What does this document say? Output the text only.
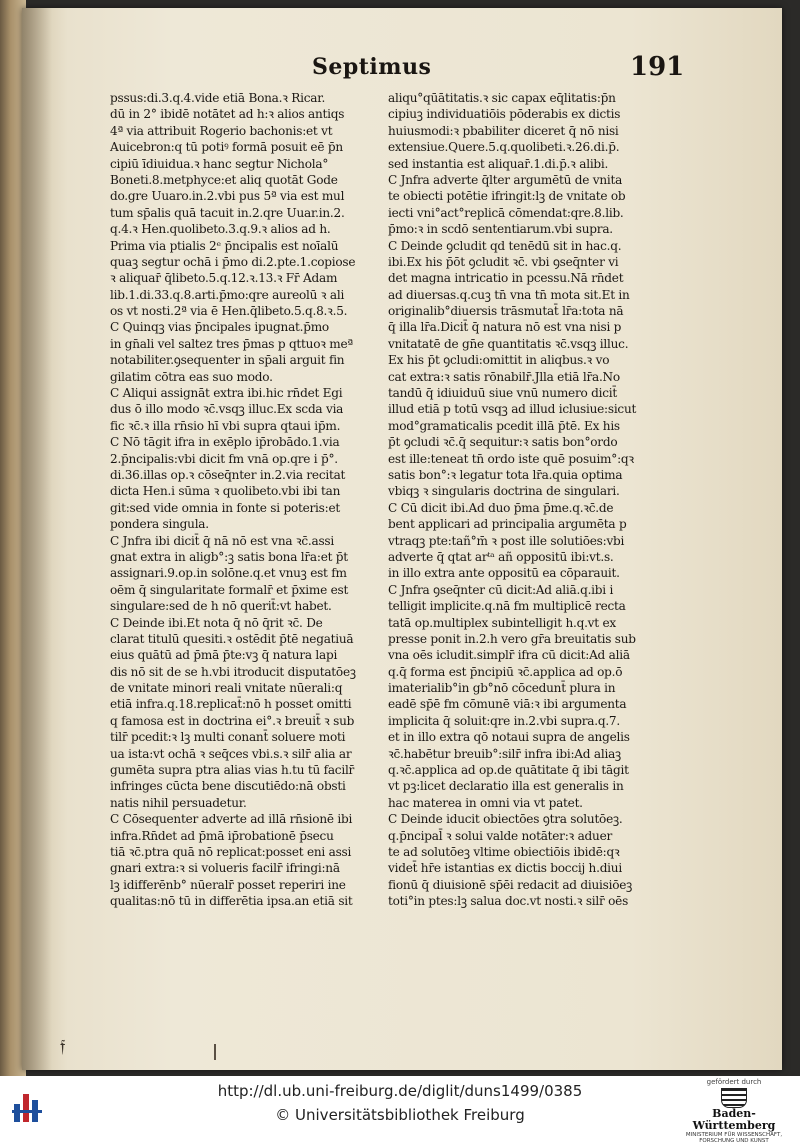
Septimus	191
pssus:di.3.q.4.vide etiā Bona.ꝛ Ricar.
dū in 2° ibidē notātet ad h:ꝛ alios antiqs
4ª via attribuit Rogerio bachonis:et vt
Auicebron:q tū potiꝰ formā posuit eē p̄n
cipiū īdiuidua.ꝛ hanc segtur Nichola°
Boneti.8.metphyce:et aliq quotāt Gode
do.gre Uuaro.in.2.vbi pus 5ª via est mul
tum sp̄alis quā tacuit in.2.qre Uuar.in.2.
q.4.ꝛ Hen.quolibeto.3.q.9.ꝛ alios ad h.
Prima via ptialis 2ᵉ p̄ncipalis est noīalū
quaꝫ segtur ochā i p̄mo di.2.pte.1.copiose
ꝛ aliquar̄ q̄libeto.5.q.12.ꝛ.13.ꝛ Fr̄ Adam
lib.1.di.33.q.8.arti.p̄mo:qre aureolū ꝛ ali
os vt nosti.2ª via ē Hen.q̄libeto.5.q.8.ꝛ.5.
C Quinqꝫ vias p̄ncipales ipugnat.p̄mo
in gn̄ali vel saltez tres p̄mas p qttuoꝛ meª
notabiliter.ꝯsequenter in sp̄ali arguit fin
gilatim cōtra eas suo modo.
C Aliqui assignāt extra ibi.hic rn̄det Egi
dus ō illo modo ꝛc̄.vsqꝫ illuc.Ex scda via
fic ꝛc̄.ꝛ illa rn̄sio hī vbi supra qtaui ip̄m.
C Nō tāgit ifra in exēplo ip̄robādo.1.via
2.p̄ncipalis:vbi dicit fm vnā op.qre i p̄°.
di.36.illas op.ꝛ cōseq̄nter in.2.via recitat
dicta Hen.i sūma ꝛ quolibeto.vbi ibi tan
git:sed vide omnia in fonte si poteris:et
pondera singula.
C Jnfra ibi dicit̄ q̄ nā nō est vna ꝛc̄.assi
gnat extra in aligb°:ꝫ satis bona lr̄a:et p̄t
assignari.9.op.in solōne.q.et vnuꝫ est fm
oēm q̄ singularitate formalr̄ et p̄xime est
singulare:sed de h nō querit̄:vt habet.
C Deinde ibi.Et nota q̄ nō q̄rit ꝛc̄. De
clarat titulū quesiti.ꝛ ostēdit p̄tē negatiuā
eius quātū ad p̄mā p̄te:vꝫ q̄ natura lapi
dis nō sit de se h.vbi itroducit disputatōeꝫ
de vnitate minori reali vnitate nūerali:q
etiā infra.q.18.replicat̄:nō h posset omitti
q famosa est in doctrina ei°.ꝛ breuit̄ ꝛ sub
tilr̄ pcedit:ꝛ lꝫ multi conant̄ soluere moti
ua ista:vt ochā ꝛ seq̄ces vbi.s.ꝛ silr̄ alia ar
gumēta supra ptra alias vias h.tu tū facilr̄
infringes cūcta bene discutiēdo:nā obsti
natis nihil persuadetur.
C Cōsequenter adverte ad illā rn̄sionē ibi
infra.Rn̄det ad p̄mā ip̄robationē p̄secu
tiā ꝛc̄.ptra quā nō replicat:posset eni assi
gnari extra:ꝛ si volueris facilr̄ ifringi:nā
lꝫ idifferēnb° nūeralr̄ posset reperiri ine
qualitas:nō tū in differētia ipsa.an etiā sit
aliqu°qūātitatis.ꝛ sic capax eq̄litatis:p̄n
cipiuꝫ individuatiōis pōderabis ex dictis
huiusmodi:ꝛ pbabiliter diceret q̄ nō nisi
extensiue.Quere.5.q.quolibeti.ꝛ.26.di.p̄.
sed instantia est aliquar̄.1.di.p̄.ꝛ alibi.
C Jnfra adverte q̄lter argumētū de vnita
te obiecti potētie ifringit:lꝫ de vnitate ob
iecti vni°act°replicā cōmendat:qre.8.lib.
p̄mo:ꝛ in scdō sententiarum.vbi supra.
C Deinde ꝯcludit qd tenēdū sit in hac.q.
ibi.Ex his p̄ōt ꝯcludit ꝛc̄. vbi ꝯseq̄nter vi
det magna intricatio in pcessu.Nā rn̄det
ad diuersas.q.cuꝫ tn̄ vna tn̄ mota sit.Et in
originalib°diuersis trāsmutat̄ lr̄a:tota nā
q̄ illa lr̄a.Dicit̄ q̄ natura nō est vna nisi p
vnitatatē de gn̄e quantitatis ꝛc̄.vsqꝫ illuc.
Ex his p̄t ꝯcludi:omittit in aliqbus.ꝛ vo
cat extra:ꝛ satis rōnabilr̄.Jlla etiā lr̄a.No
tandū q̄ idiuiduū siue vnū numero dicit̄
illud etiā p totū vsqꝫ ad illud iclusiue:sicut
mod°gramaticalis pcedit illā p̄tē. Ex his
p̄t ꝯcludi ꝛc̄.q̄ sequitur:ꝛ satis bon°ordo
est ille:teneat tn̄ ordo iste quē posuim°:qꝛ
satis bon°:ꝛ legatur tota lr̄a.quia optima
vbiqꝫ ꝛ singularis doctrina de singulari.
C Cū dicit ibi.Ad duo p̄ma p̄me.q.ꝛc̄.de
bent applicari ad principalia argumēta p
vtraqꝫ pte:tañ°m̄ ꝛ post ille solutiōes:vbi
adverte q̄ qtat arᵗᵃ añ oppositū ibi:vt.s.
in illo extra ante oppositū ea cōparauit.
C Jnfra ꝯseq̄nter cū dicit:Ad aliā.q.ibi i
telligit implicite.q.nā fm multiplicē recta
tatā op.multiplex subintelligit h.q.vt ex
presse ponit in.2.h vero gr̄a breuitatis sub
vna oēs icludit.simplr̄ ifra cū dicit:Ad aliā
q.q̄ forma est p̄ncipiū ꝛc̄.applica ad op.ō
imaterialib°in gb°nō cōcedunt̄ plura in
eadē sp̄ē fm cōmunē viā:ꝛ ibi argumenta
implicita q̄ soluit:qre in.2.vbi supra.q.7.
et in illo extra qō notaui supra de angelis
ꝛc̄.habētur breuib°:silr̄ infra ibi:Ad aliaꝫ
q.ꝛc̄.applica ad op.de quātitate q̄ ibi tāgit
vt pꝫ:licet declaratio illa est generalis in
hac materea in omni via vt patet.
C Deinde iducit obiectōes ꝯtra solutōeꝫ.
q.p̄ncipal̄ ꝛ solui valde notāter:ꝛ aduer
te ad solutōeꝫ vltime obiectiōis ibidē:qꝛ
videt̄ hr̄e istantias ex dictis boccij h.diui
fionū q̄ diuisionē sp̄ēi redacit ad diuisiōeꝫ
toti°in ptes:lꝫ salua doc.vt nosti.ꝛ silr̄ oēs
𝔣
http://dl.ub.uni-freiburg.de/diglit/duns1499/0385
© Universitätsbibliothek Freiburg
gefördert durch
Baden-Württemberg
MINISTERIUM FÜR WISSENSCHAFT, FORSCHUNG UND KUNST
